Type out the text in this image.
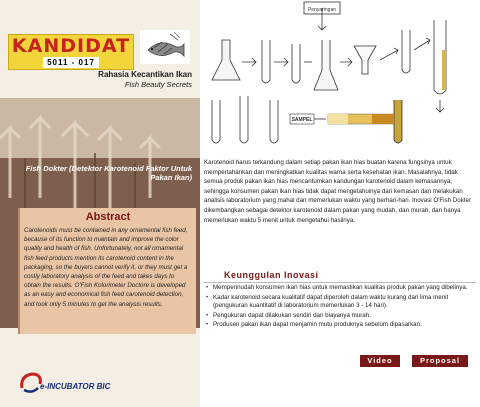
KANDIDAT
5011 - 017
Rahasia Kecantikan Ikan
Fish Beauty Secrets
Fish Dokter (Detektor Karotenoid Faktor Untuk Pakan Ikan)
Abstract
Carotenoids must be contained in any ornamental fish feed, because of its function to maintain and improve the color quality and health of fish. Unfortunately, not all ornamental fish feed products mention its carotenoid content in the packaging, so the buyers cannot verify it, or they must get a costly laboratory analysis of the feed and takes days to obtain the results. O'Fish Kolorimeter Doctore is developed as an easy and economical fish feed carotenoid detection, and took only 5 minutes to get the analysis results.
e-INCUBATOR BIC
Penyaringan
SAMPEL
Karotenoid harus terkandung dalam setiap pakan ikan hias buatan karena fungsinya untuk mempertahankan dan meningkatkan kualitas warna serta kesehatan ikan. Masalahnya, tidak semua produk pakan ikan hias mencantumkan kandungan karotenoid dalam kemasannya, sehingga konsumen pakan ikan hias tidak dapat mengetahuinya dari kemasan dan melakukan analisis laboratorium yang mahal dan memerlukan waktu yang berhari-hari. Inovasi O'Fish Dokter dikembangkan sebagai detektor karotenoid dalam pakan yang mudah, dan murah, dan hanya memerlukan waktu 5 menit untuk mengetahui hasilnya.
Keunggulan Inovasi
• Memperinudah konsumen ikan hias untuk memastikan kualitas produk pakan yang dibelinya.
• Kadar karotenoid secara kualitatif dapat diperoleh dalam waktu kurang dari lima menit (pengukuran kuantitatif di laboratorium memerlukan 3 - 14 hari).
• Pengukuran dapat dilakukan sendiri dan biayanya murah.
• Produsen pakan ikan dapat menjamin mutu produknya sebelum dipasarkan.
Video	Proposal
